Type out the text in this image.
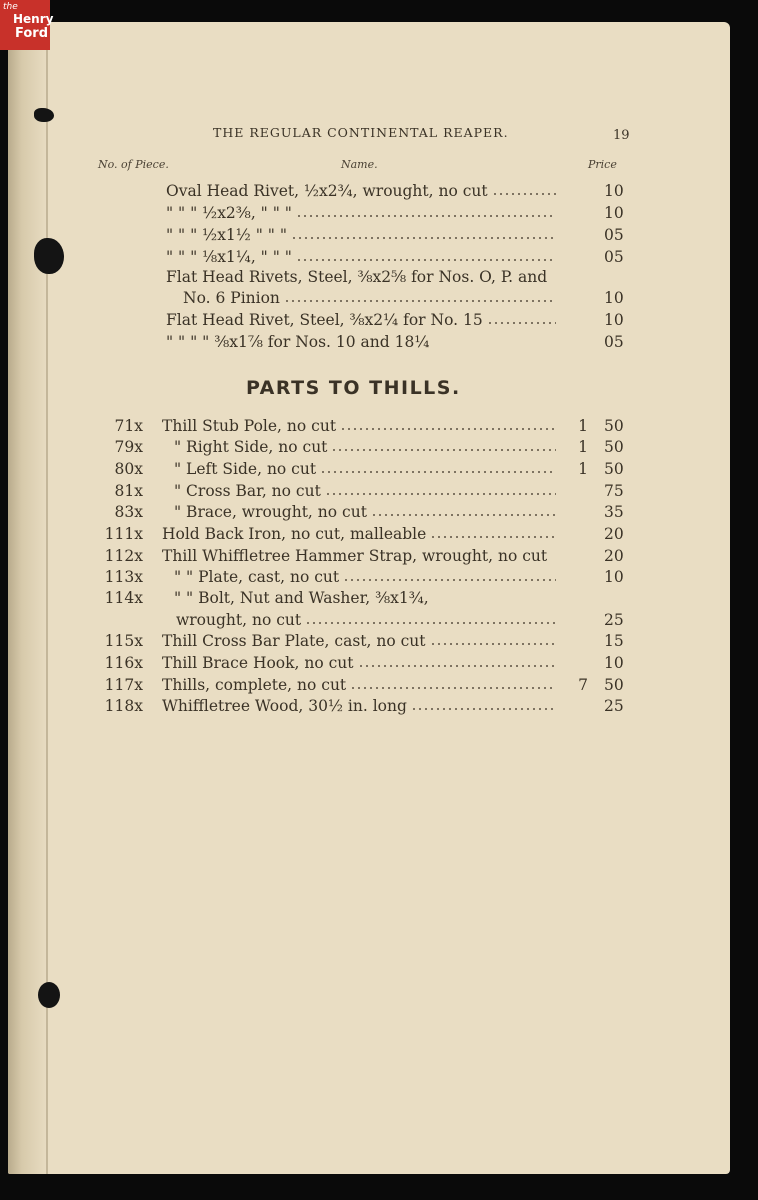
THE REGULAR CONTINENTAL REAPER.	19
No. of Piece.	Name.	Price
Oval Head Rivet, ½x2¾, wrought, no cut	10
" " " ½x2⅜, " " "	10
" " " ½x1½ " " "	05
" " " ⅛x1¼, " " "	05
Flat Head Rivets, Steel, ⅜x2⅝ for Nos. O, P. and
No. 6 Pinion	10
Flat Head Rivet, Steel, ⅜x2¼ for No. 15	10
" " " " ⅜x1⅞ for Nos. 10 and 18¼	05
PARTS TO THILLS.
71x Thill Stub Pole, no cut	1 50
79x " Right Side, no cut	1 50
80x " Left Side, no cut	1 50
81x " Cross Bar, no cut	75
83x " Brace, wrought, no cut	35
111x Hold Back Iron, no cut, malleable	20
112x Thill Whiffletree Hammer Strap, wrought, no cut	20
113x " " Plate, cast, no cut	10
114x " " Bolt, Nut and Washer, ⅜x1¾,
wrought, no cut	25
115x Thill Cross Bar Plate, cast, no cut	15
116x Thill Brace Hook, no cut	10
117x Thills, complete, no cut	7 50
118x Whiffletree Wood, 30½ in. long	25
the
Henry
Ford
